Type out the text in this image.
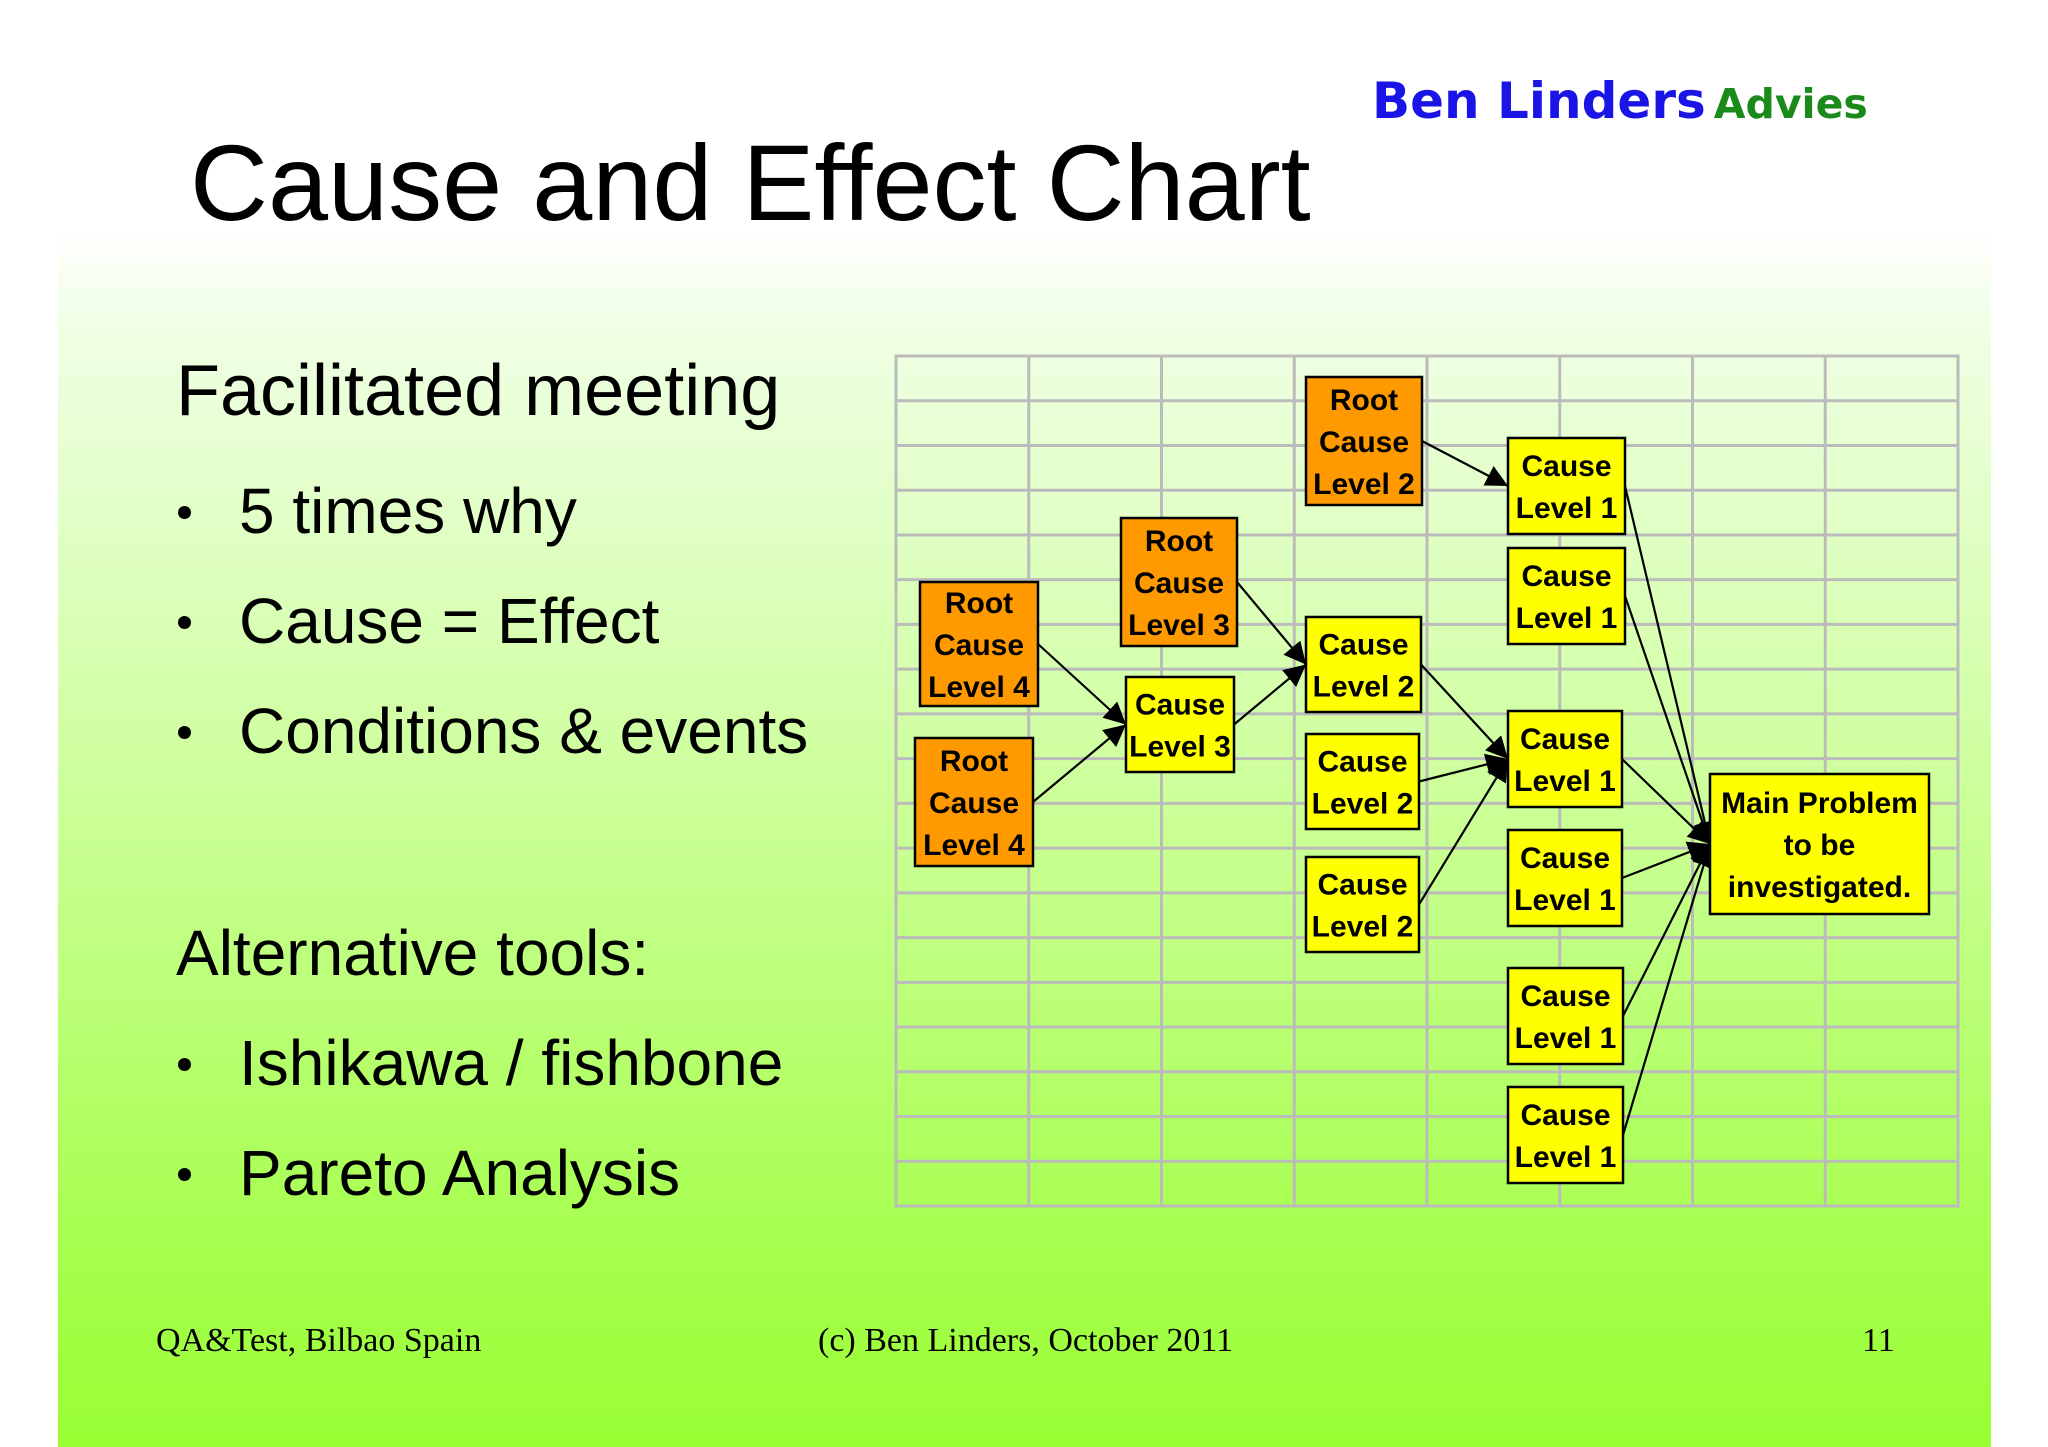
Ben Linders Advies
Cause and Effect Chart
Facilitated meeting
5 times why
Cause = Effect
Conditions & events
Alternative tools:
Ishikawa / fishbone
Pareto Analysis
Root
Cause
Level 4
Root
Cause
Level 4
Root
Cause
Level 3
Cause
Level 3
Root
Cause
Level 2
Cause
Level 2
Cause
Level 2
Cause
Level 2
Cause
Level 1
Cause
Level 1
Cause
Level 1
Cause
Level 1
Cause
Level 1
Cause
Level 1
Main Problem
to be
investigated.
QA&Test, Bilbao Spain	(c) Ben Linders, October 2011	11
